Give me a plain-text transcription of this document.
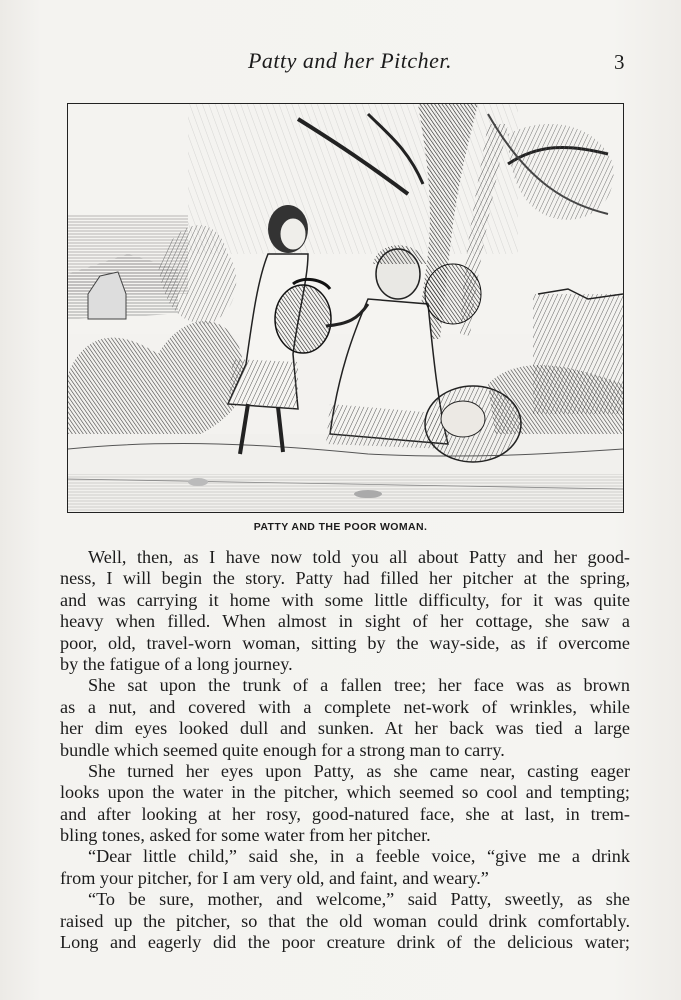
Patty and her Pitcher.	3
PATTY AND THE POOR WOMAN.
Well, then, as I have now told you all about Patty and her good-
ness, I will begin the story. Patty had filled her pitcher at the spring,
and was carrying it home with some little difficulty, for it was quite
heavy when filled. When almost in sight of her cottage, she saw a
poor, old, travel-worn woman, sitting by the way-side, as if overcome
by the fatigue of a long journey.
She sat upon the trunk of a fallen tree; her face was as brown
as a nut, and covered with a complete net-work of wrinkles, while
her dim eyes looked dull and sunken. At her back was tied a large
bundle which seemed quite enough for a strong man to carry.
She turned her eyes upon Patty, as she came near, casting eager
looks upon the water in the pitcher, which seemed so cool and tempting;
and after looking at her rosy, good-natured face, she at last, in trem-
bling tones, asked for some water from her pitcher.
“Dear little child,” said she, in a feeble voice, “give me a drink
from your pitcher, for I am very old, and faint, and weary.”
“To be sure, mother, and welcome,” said Patty, sweetly, as she
raised up the pitcher, so that the old woman could drink comfortably.
Long and eagerly did the poor creature drink of the delicious water;
